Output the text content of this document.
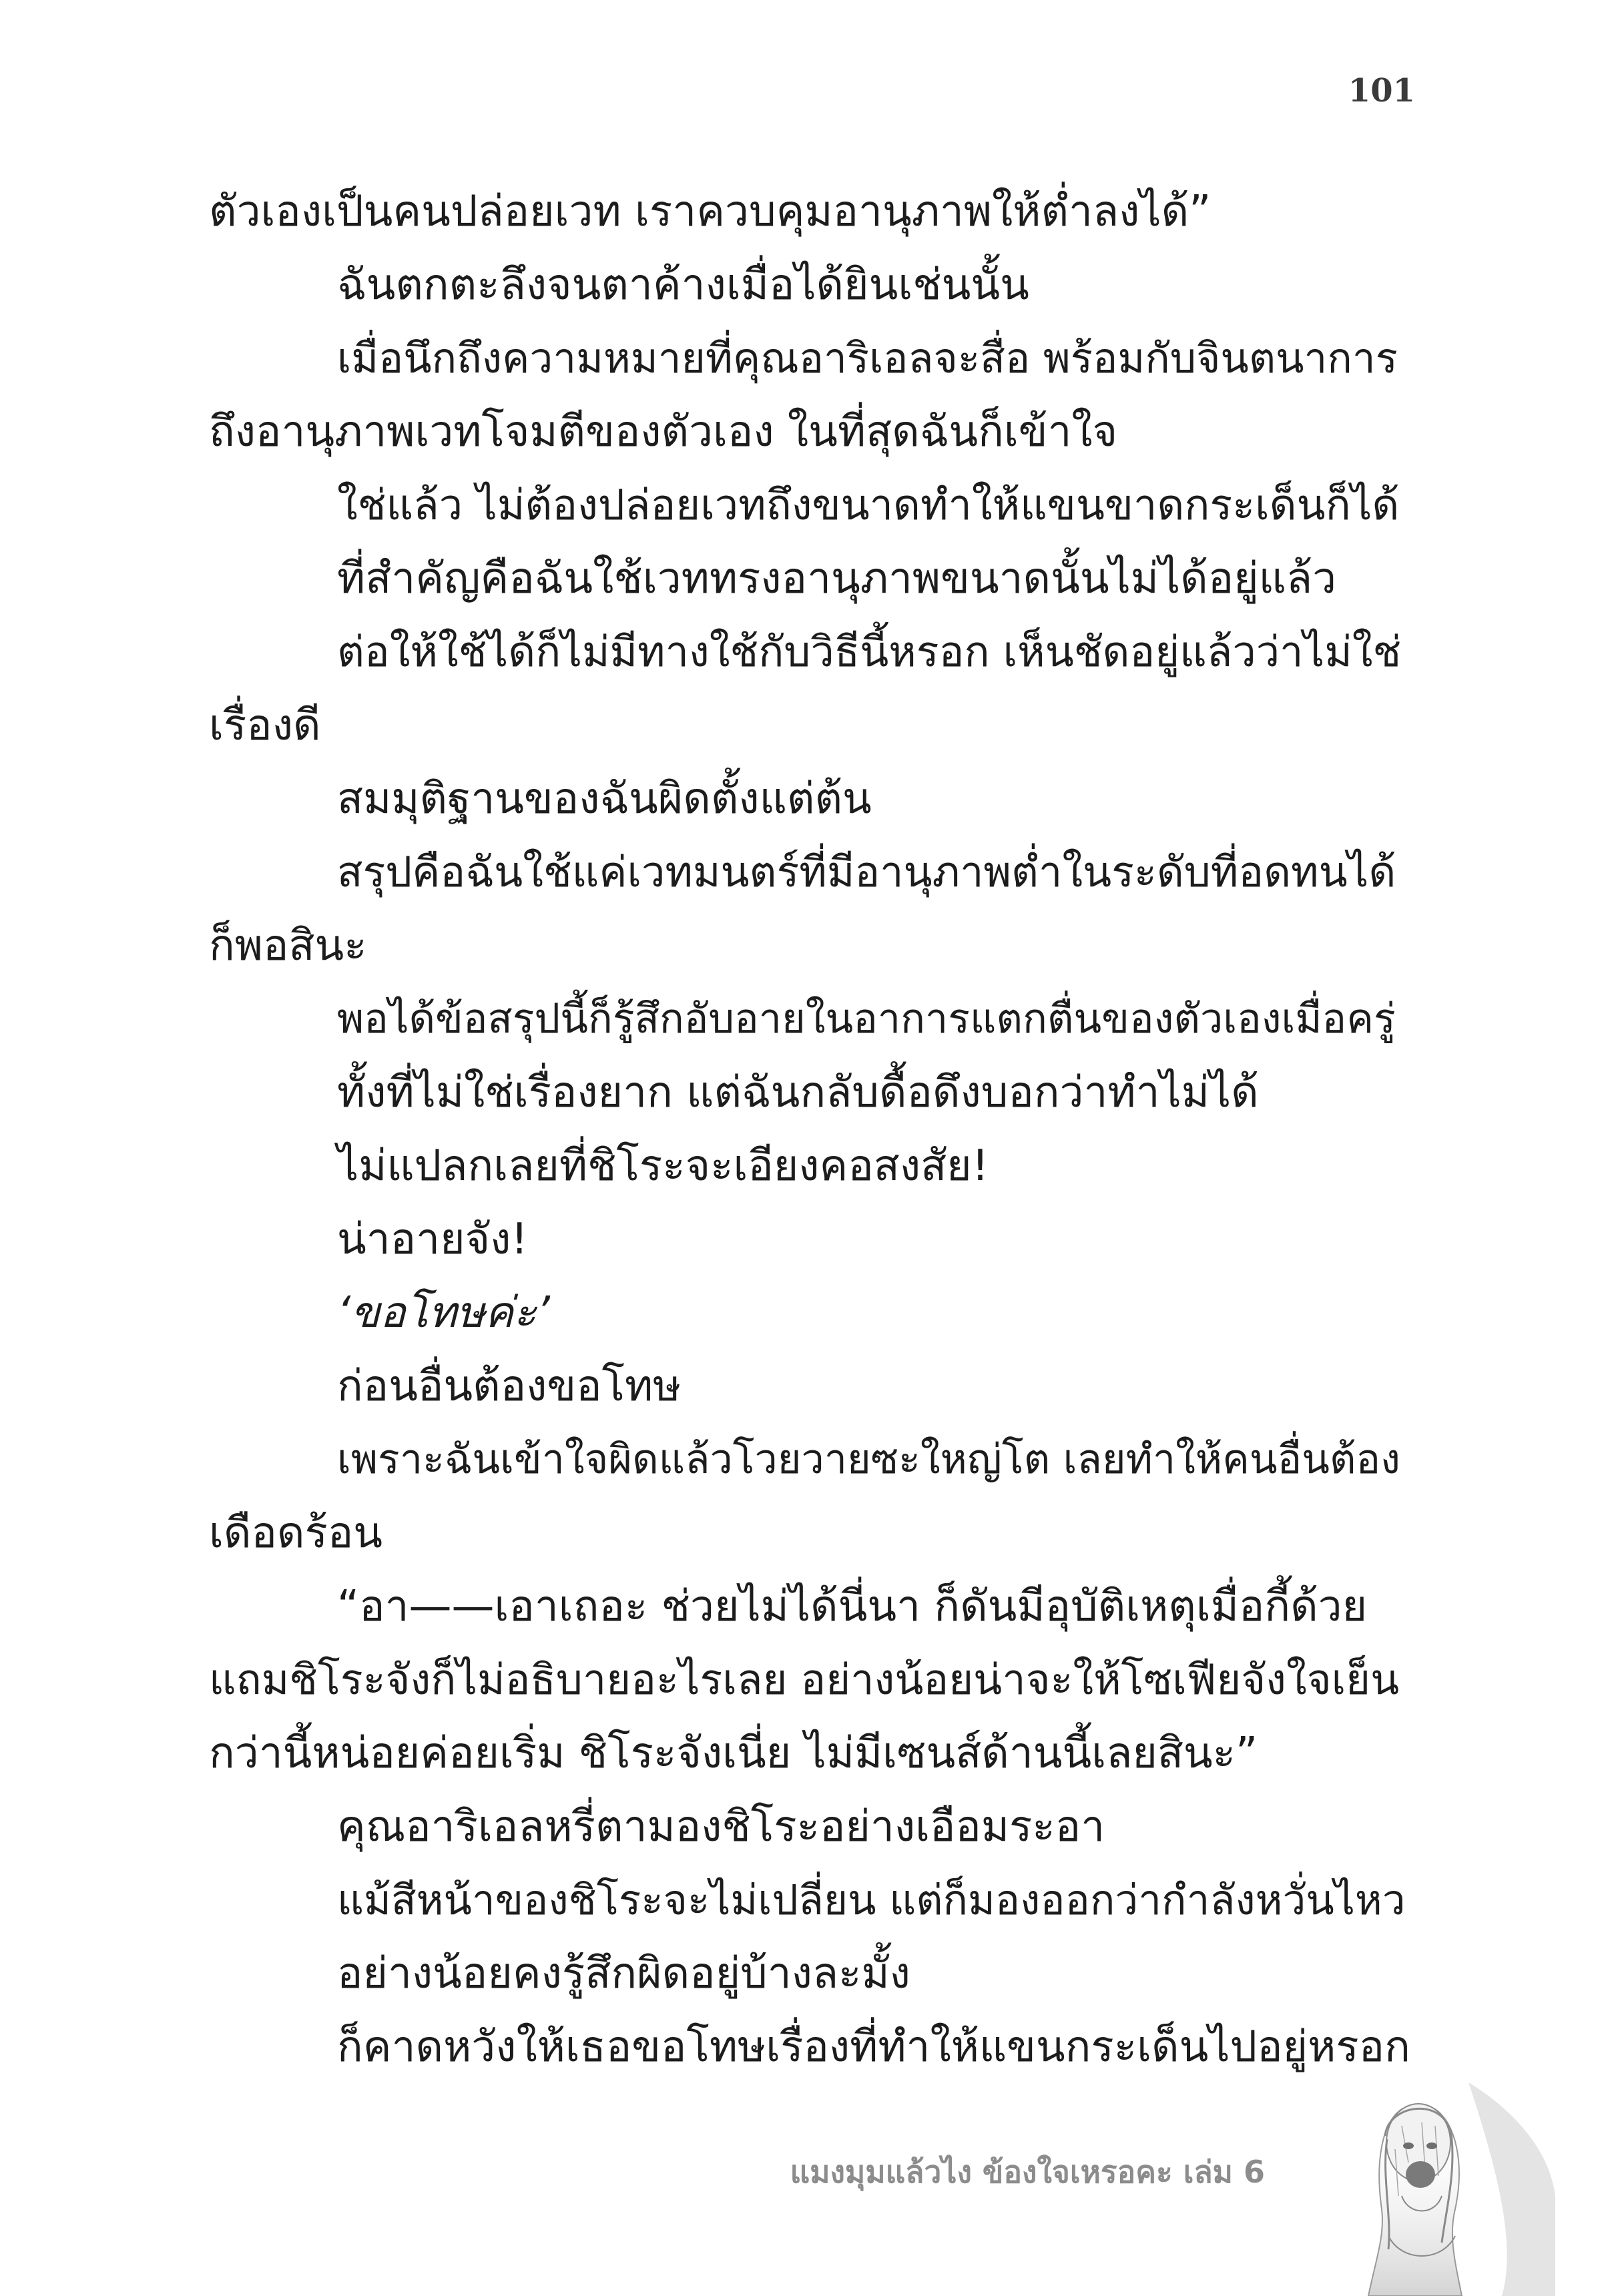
101
ตัวเองเป็นคนปล่อยเวท เราควบคุมอานุภาพให้ต่ำลงได้”
ฉันตกตะลึงจนตาค้างเมื่อได้ยินเช่นนั้น
เมื่อนึกถึงความหมายที่คุณอาริเอลจะสื่อ พร้อมกับจินตนาการ
ถึงอานุภาพเวทโจมตีของตัวเอง ในที่สุดฉันก็เข้าใจ
ใช่แล้ว ไม่ต้องปล่อยเวทถึงขนาดทำให้แขนขาดกระเด็นก็ได้
ที่สำคัญคือฉันใช้เวททรงอานุภาพขนาดนั้นไม่ได้อยู่แล้ว
ต่อให้ใช้ได้ก็ไม่มีทางใช้กับวิธีนี้หรอก เห็นชัดอยู่แล้วว่าไม่ใช่
เรื่องดี
สมมุติฐานของฉันผิดตั้งแต่ต้น
สรุปคือฉันใช้แค่เวทมนตร์ที่มีอานุภาพต่ำในระดับที่อดทนได้
ก็พอสินะ
พอได้ข้อสรุปนี้ก็รู้สึกอับอายในอาการแตกตื่นของตัวเองเมื่อครู่
ทั้งที่ไม่ใช่เรื่องยาก แต่ฉันกลับดื้อดึงบอกว่าทำไม่ได้
ไม่แปลกเลยที่ชิโระจะเอียงคอสงสัย!
น่าอายจัง!
‘ขอโทษค่ะ’
ก่อนอื่นต้องขอโทษ
เพราะฉันเข้าใจผิดแล้วโวยวายซะใหญ่โต เลยทำให้คนอื่นต้อง
เดือดร้อน
“อา——เอาเถอะ ช่วยไม่ได้นี่นา ก็ดันมีอุบัติเหตุเมื่อกี้ด้วย
แถมชิโระจังก็ไม่อธิบายอะไรเลย อย่างน้อยน่าจะให้โซเฟียจังใจเย็น
กว่านี้หน่อยค่อยเริ่ม ชิโระจังเนี่ย ไม่มีเซนส์ด้านนี้เลยสินะ”
คุณอาริเอลหรี่ตามองชิโระอย่างเอือมระอา
แม้สีหน้าของชิโระจะไม่เปลี่ยน แต่ก็มองออกว่ากำลังหวั่นไหว
อย่างน้อยคงรู้สึกผิดอยู่บ้างละมั้ง
ก็คาดหวังให้เธอขอโทษเรื่องที่ทำให้แขนกระเด็นไปอยู่หรอก
แมงมุมแล้วไง ข้องใจเหรอคะ เล่ม 6
